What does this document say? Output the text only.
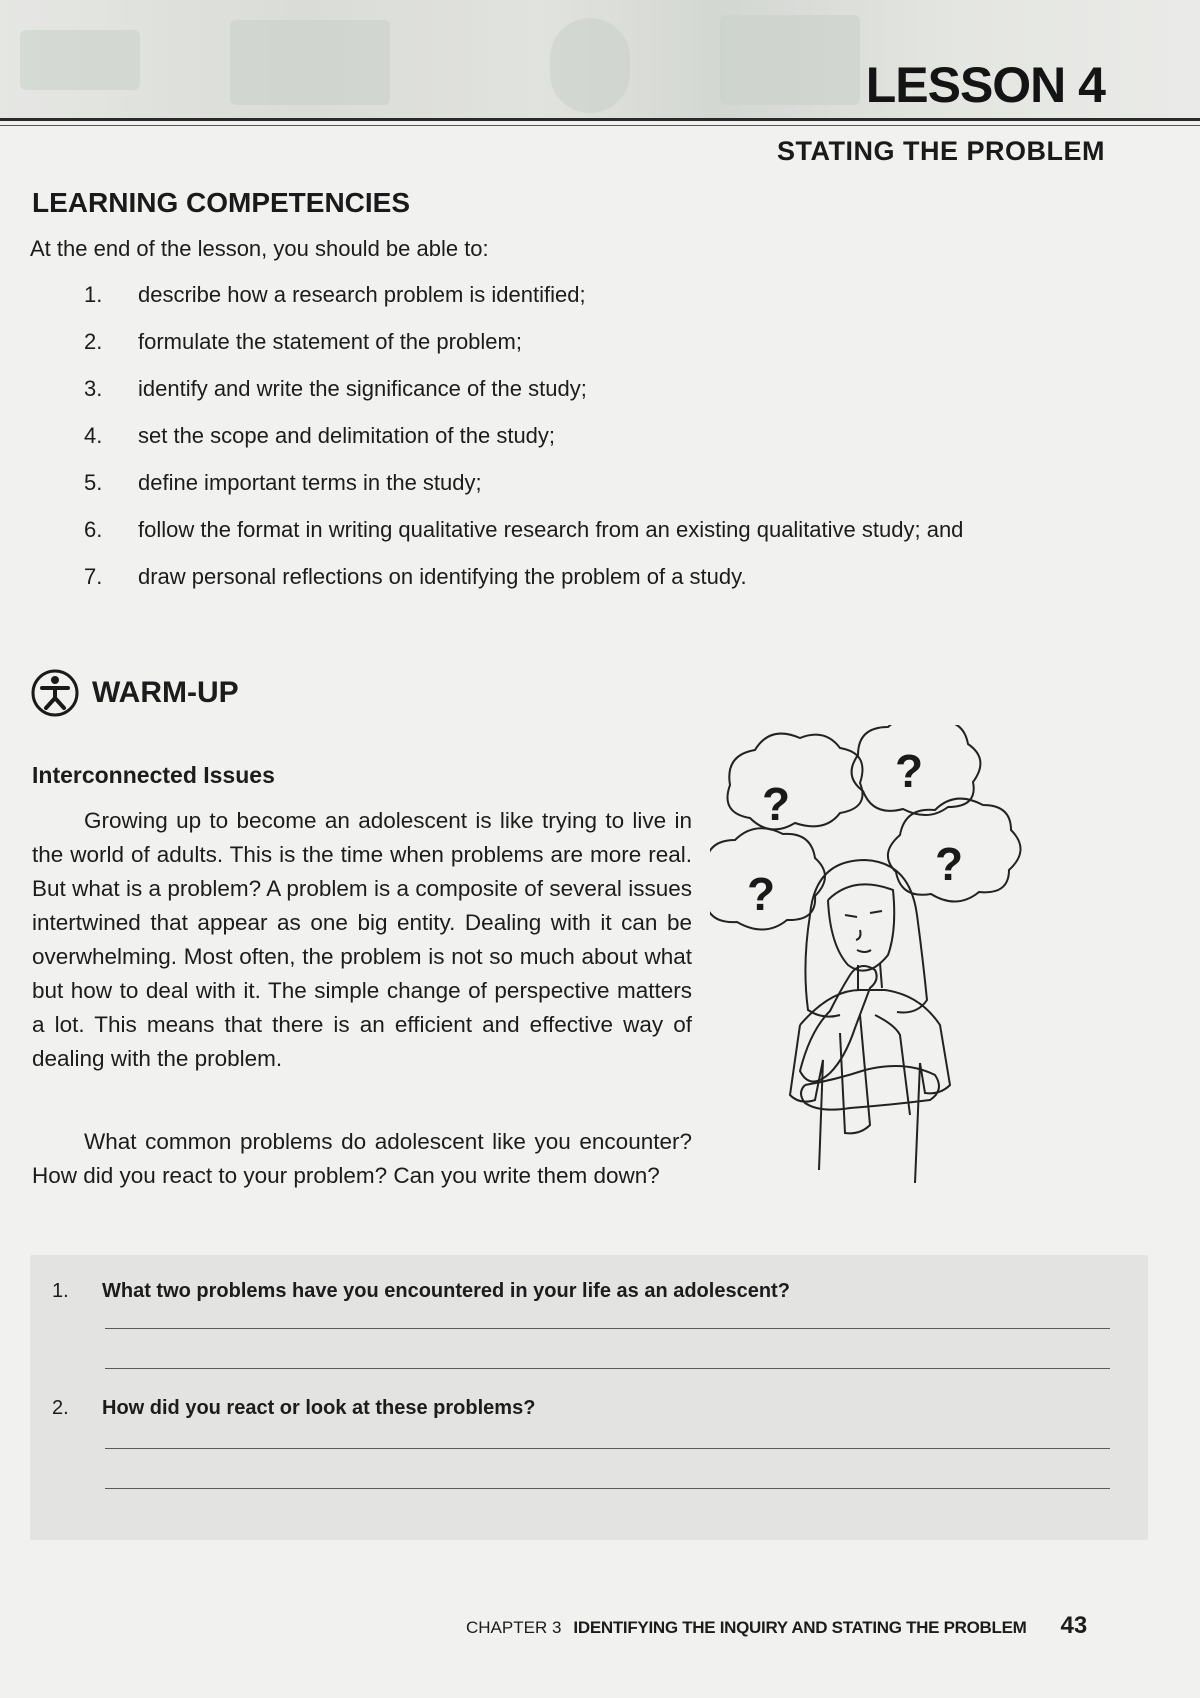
LESSON 4
STATING THE PROBLEM
LEARNING COMPETENCIES
At the end of the lesson, you should be able to:
1.	describe how a research problem is identified;
2.	formulate the statement of the problem;
3.	identify and write the significance of the study;
4.	set the scope and delimitation of the study;
5.	define important terms in the study;
6.	follow the format in writing qualitative research from an existing qualitative study; and
7.	draw personal reflections on identifying the problem of a study.
WARM-UP
Interconnected Issues

Growing up to become an adolescent is like trying to live in the world of adults. This is the time when problems are more real. But what is a problem? A problem is a composite of several issues intertwined that appear as one big entity. Dealing with it can be overwhelming. Most often, the problem is not so much about what but how to deal with it. The simple change of perspective matters a lot. This means that there is an efficient and effective way of dealing with the problem.

What common problems do adolescent like you encounter? How did you react to your problem? Can you write them down?

?
?
?
?
1.	What two problems have you encountered in your life as an adolescent?
2.	How did you react or look at these problems?
CHAPTER 3 IDENTIFYING THE INQUIRY AND STATING THE PROBLEM 43
